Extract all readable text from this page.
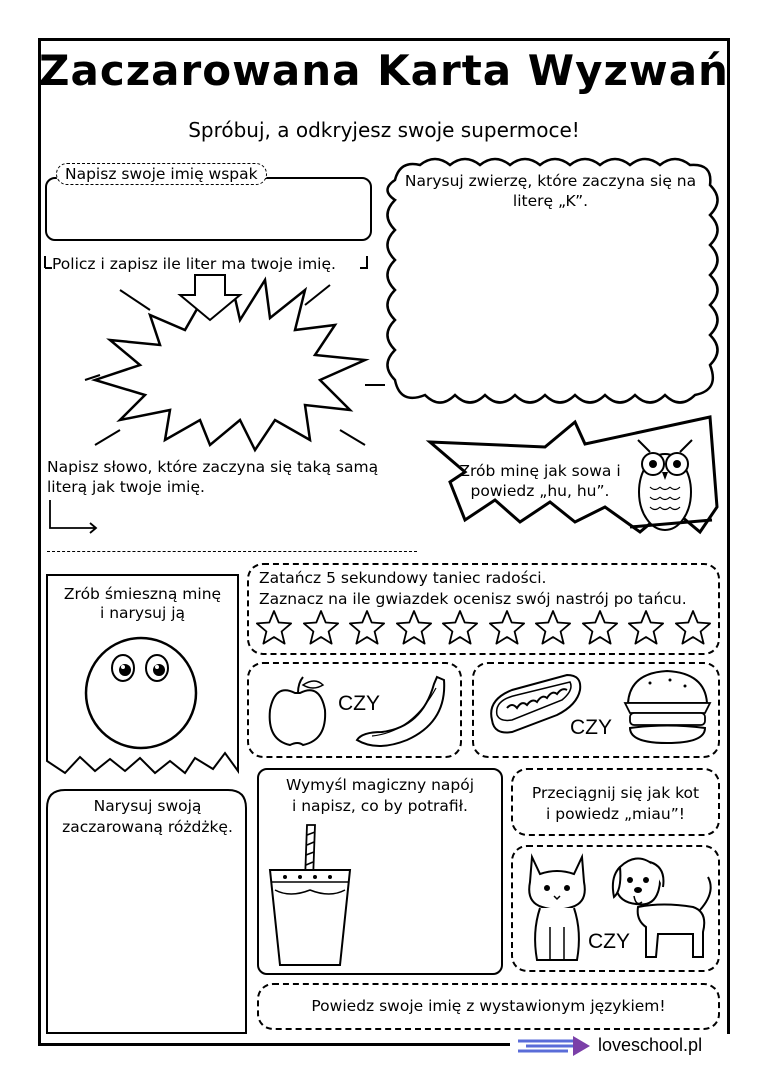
Zaczarowana Karta Wyzwań
Spróbuj, a odkryjesz swoje supermoce!
Napisz swoje imię wspak
Policz i zapisz ile liter ma twoje imię.
Narysuj zwierzę, które zaczyna się na literę „K”.
Napisz słowo, które zaczyna się taką samą literą jak twoje imię.
Zrób minę jak sowa i powiedz „hu, hu”.
Zrób śmieszną minę
i narysuj ją
Zatańcz 5 sekundowy taniec radości.
Zaznacz na ile gwiazdek ocenisz swój nastrój po tańcu.
CZY
CZY
Narysuj swoją
zaczarowaną różdżkę.
Wymyśl magiczny napój
i napisz, co by potrafił.
Przeciągnij się jak kot
i powiedz „miau”!
CZY
Powiedz swoje imię z wystawionym językiem!
loveschool.pl
